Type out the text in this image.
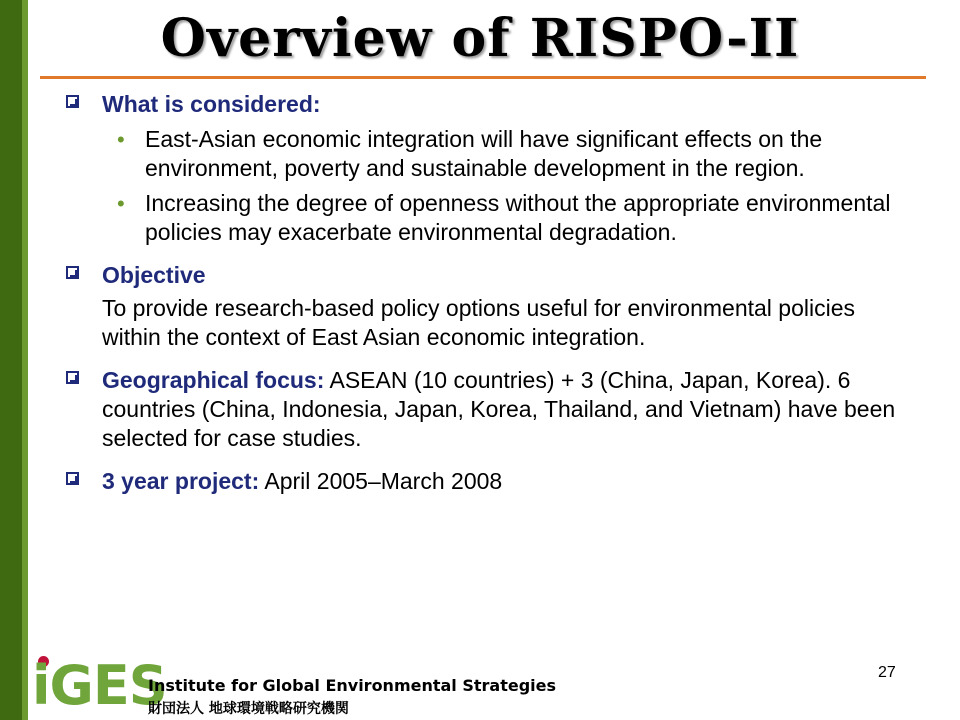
Overview of RISPO-II
What is considered:
• East-Asian economic integration will have significant effects on the environment, poverty and sustainable development in the region.
• Increasing the degree of openness without the appropriate environmental policies may exacerbate environmental degradation.
Objective
To provide research-based policy options useful for environmental policies within the context of East Asian economic integration.
Geographical focus: ASEAN (10 countries) + 3 (China, Japan, Korea). 6 countries (China, Indonesia, Japan, Korea, Thailand, and Vietnam) have been selected for case studies.
3 year project: April 2005–March 2008
iGES
Institute for Global Environmental Strategies
財団法人 地球環境戦略研究機関
27
